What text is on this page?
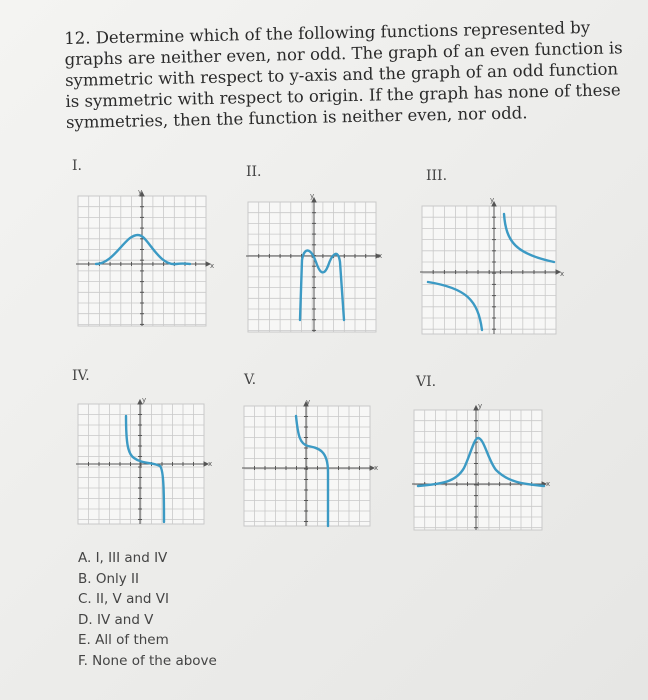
12. Determine which of the following functions represented by graphs are neither even, nor odd. The graph of an even function is symmetric with respect to y-axis and the graph of an odd function is symmetric with respect to origin. If the graph has none of these symmetries, then the function is neither even, nor odd.

I.
y
x
II.
y
x
III.
y
x
IV.
y
x
V.
y
x
VI.
y
x
A. I, III and IV
B. Only II
C. II, V and VI
D. IV and V
E. All of them
F. None of the above
